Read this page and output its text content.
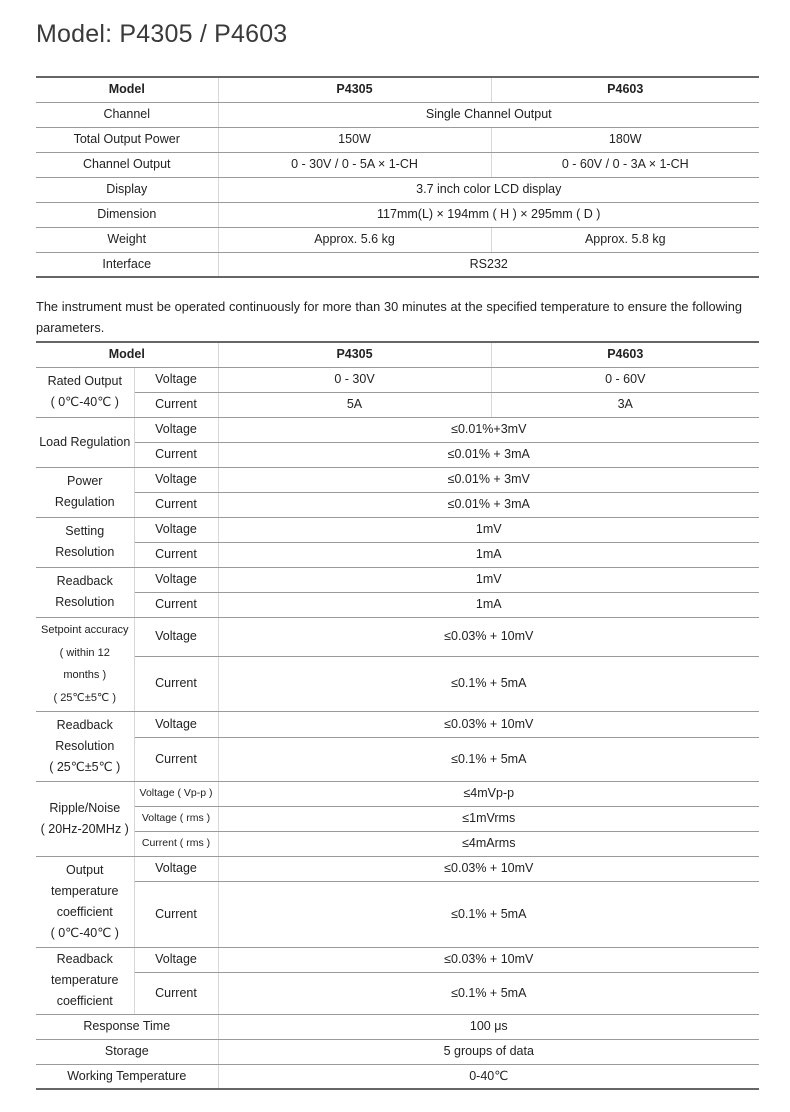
Model: P4305 / P4603
Model	P4305	P4603
Channel	Single Channel Output	
Total Output Power	150W	180W
Channel Output	0 - 30V / 0 - 5A × 1-CH	0 - 60V / 0 - 3A × 1-CH
Display	3.7 inch color LCD display	
Dimension	117mm(L) × 194mm ( H ) × 295mm ( D )	
Weight	Approx. 5.6 kg	Approx. 5.8 kg
Interface	RS232	
The instrument must be operated continuously for more than 30 minutes at the specified temperature to ensure the following parameters.
Model		P4305	P4603

Rated Output
( 0℃-40℃ )	Voltage	0 - 30V	0 - 60V
	Current	5A	3A
Load Regulation	Voltage	≤0.01%+3mV	
	Current	≤0.01% + 3mA	

Power
Regulation	Voltage	≤0.01% + 3mV	
	Current	≤0.01% + 3mA	

Setting
Resolution	Voltage	1mV	
	Current	1mA	

Readback
Resolution	Voltage	1mV	
	Current	1mA	

Setpoint accuracy
( within 12
months )
( 25℃±5℃ )	Voltage	≤0.03% + 10mV	
	Current	≤0.1% + 5mA	

Readback
Resolution
( 25℃±5℃ )	Voltage	≤0.03% + 10mV	
	Current	≤0.1% + 5mA	

Ripple/Noise
( 20Hz-20MHz )	Voltage ( Vp-p )	≤4mVp-p	
	Voltage ( rms )	≤1mVrms	
	Current ( rms )	≤4mArms	

Output
temperature
coefficient
( 0℃-40℃ )	Voltage	≤0.03% + 10mV	
	Current	≤0.1% + 5mA	

Readback
temperature
coefficient	Voltage	≤0.03% + 10mV	
	Current	≤0.1% + 5mA	
Response Time		100 μs	
Storage		5 groups of data	
Working Temperature		0-40℃	
